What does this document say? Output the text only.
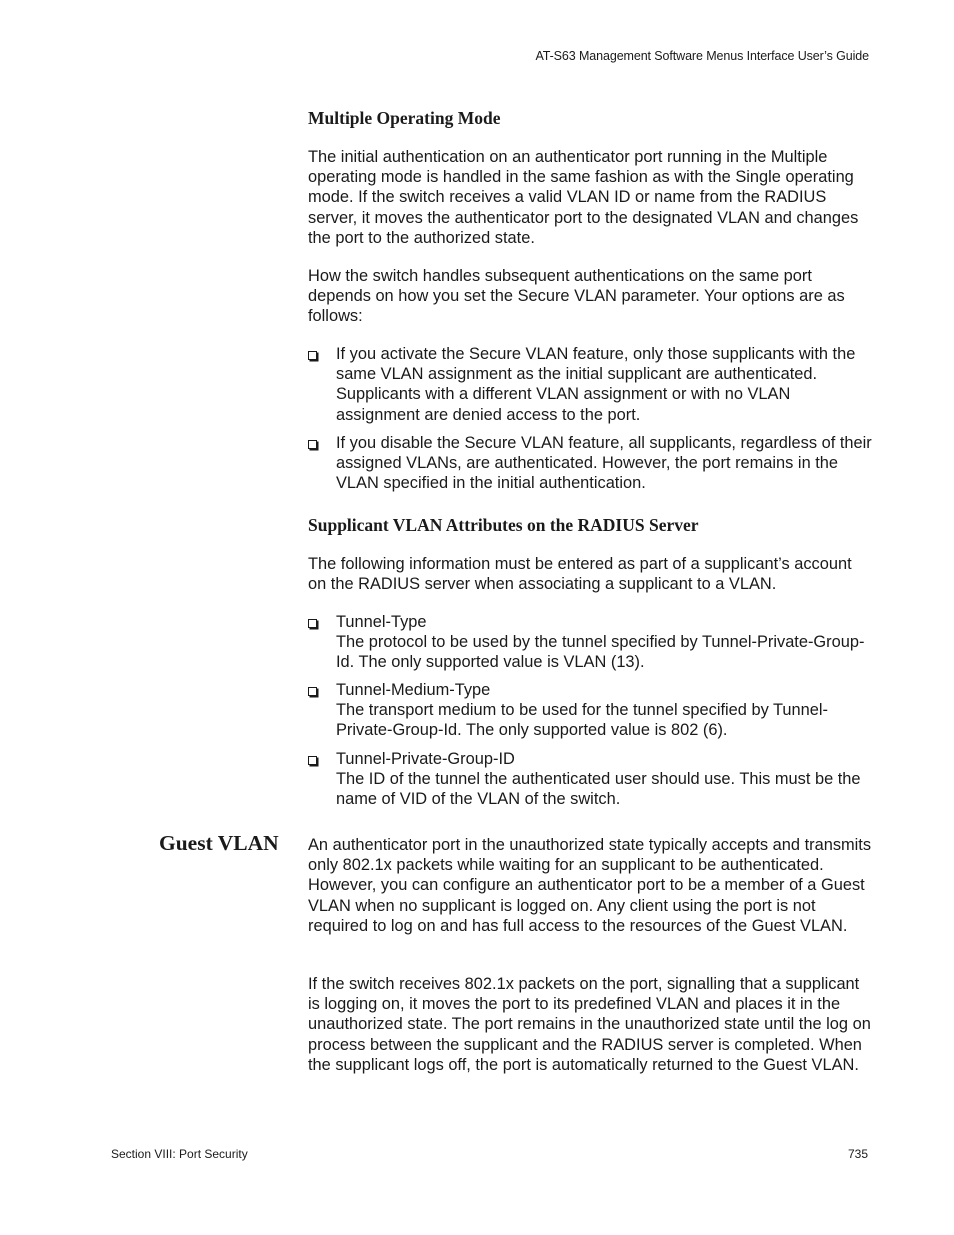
AT-S63 Management Software Menus Interface User’s Guide
Multiple Operating Mode

The initial authentication on an authenticator port running in the Multiple operating mode is handled in the same fashion as with the Single operating mode. If the switch receives a valid VLAN ID or name from the RADIUS server, it moves the authenticator port to the designated VLAN and changes the port to the authorized state.

How the switch handles subsequent authentications on the same port depends on how you set the Secure VLAN parameter. Your options are as follows:

If you activate the Secure VLAN feature, only those supplicants with the same VLAN assignment as the initial supplicant are authenticated. Supplicants with a different VLAN assignment or with no VLAN assignment are denied access to the port.
If you disable the Secure VLAN feature, all supplicants, regardless of their assigned VLANs, are authenticated. However, the port remains in the VLAN specified in the initial authentication.
Supplicant VLAN Attributes on the RADIUS Server

The following information must be entered as part of a supplicant’s account on the RADIUS server when associating a supplicant to a VLAN.

Tunnel-Type
The protocol to be used by the tunnel specified by Tunnel-Private-Group-Id. The only supported value is VLAN (13).
Tunnel-Medium-Type
The transport medium to be used for the tunnel specified by Tunnel-Private-Group-Id. The only supported value is 802 (6).
Tunnel-Private-Group-ID
The ID of the tunnel the authenticated user should use. This must be the name of VID of the VLAN of the switch.
Guest VLAN An authenticator port in the unauthorized state typically accepts and transmits only 802.1x packets while waiting for an supplicant to be authenticated. However, you can configure an authenticator port to be a member of a Guest VLAN when no supplicant is logged on. Any client using the port is not required to log on and has full access to the resources of the Guest VLAN.

If the switch receives 802.1x packets on the port, signalling that a supplicant is logging on, it moves the port to its predefined VLAN and places it in the unauthorized state. The port remains in the unauthorized state until the log on process between the supplicant and the RADIUS server is completed. When the supplicant logs off, the port is automatically returned to the Guest VLAN.

Section VIII: Port Security	735
